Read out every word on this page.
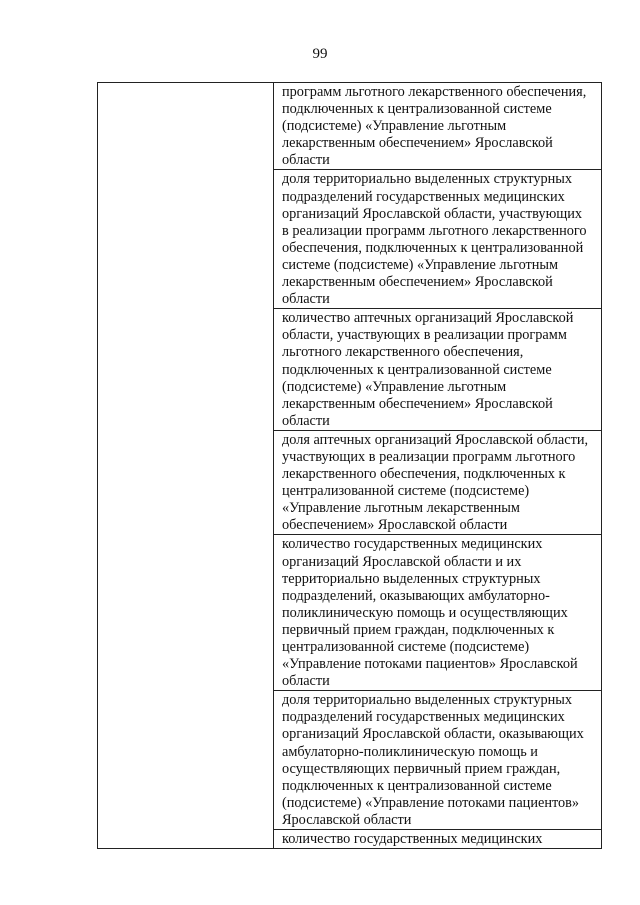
99

программ льготного лекарственного обеспечения,
подключенных к централизованной системе
(подсистеме) «Управление льготным
лекарственным обеспечением» Ярославской
области

доля территориально выделенных структурных
подразделений государственных медицинских
организаций Ярославской области, участвующих
в реализации программ льготного лекарственного
обеспечения, подключенных к централизованной
системе (подсистеме) «Управление льготным
лекарственным обеспечением» Ярославской
области

количество аптечных организаций Ярославской
области, участвующих в реализации программ
льготного лекарственного обеспечения,
подключенных к централизованной системе
(подсистеме) «Управление льготным
лекарственным обеспечением» Ярославской
области

доля аптечных организаций Ярославской области,
участвующих в реализации программ льготного
лекарственного обеспечения, подключенных к
централизованной системе (подсистеме)
«Управление льготным лекарственным
обеспечением» Ярославской области

количество государственных медицинских
организаций Ярославской области и их
территориально выделенных структурных
подразделений, оказывающих амбулаторно-
поликлиническую помощь и осуществляющих
первичный прием граждан, подключенных к
централизованной системе (подсистеме)
«Управление потоками пациентов» Ярославской
области

доля территориально выделенных структурных
подразделений государственных медицинских
организаций Ярославской области, оказывающих
амбулаторно-поликлиническую помощь и
осуществляющих первичный прием граждан,
подключенных к централизованной системе
(подсистеме) «Управление потоками пациентов»
Ярославской области

количество государственных медицинских
